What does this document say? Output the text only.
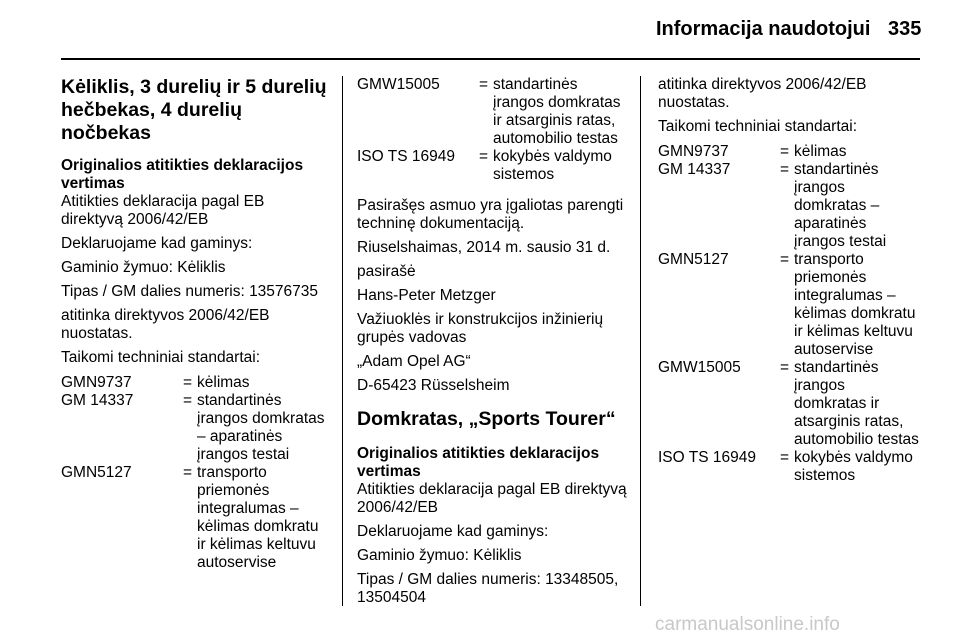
Informacija naudotojui 335
Kėliklis, 3 durelių ir 5 durelių hečbekas, 4 durelių nočbekas
Originalios atitikties deklaracijos vertimas
Atitikties deklaracija pagal EB direktyvą 2006/42/EB
Deklaruojame kad gaminys:
Gaminio žymuo: Kėliklis
Tipas / GM dalies numeris: 13576735
atitinka direktyvos 2006/42/EB nuostatas.
Taikomi techniniai standartai:
GMN9737	= kėlimas
GM 14337	= standartinės įrangos domkratas – aparatinės įrangos testai
GMN5127	= transporto priemonės integralumas – kėlimas domkratu ir kėlimas keltuvu autoservise
GMW15005	= standartinės įrangos domkratas ir atsarginis ratas, automobilio testas
ISO TS 16949	= kokybės valdymo sistemos
Pasirašęs asmuo yra įgaliotas parengti techninę dokumentaciją.
Riuselshaimas, 2014 m. sausio 31 d.
pasirašė
Hans-Peter Metzger
Važiuoklės ir konstrukcijos inžinierių grupės vadovas
„Adam Opel AG“
D-65423 Rüsselsheim
Domkratas, „Sports Tourer“
Originalios atitikties deklaracijos vertimas
Atitikties deklaracija pagal EB direktyvą 2006/42/EB
Deklaruojame kad gaminys:
Gaminio žymuo: Kėliklis
Tipas / GM dalies numeris: 13348505, 13504504
atitinka direktyvos 2006/42/EB nuostatas.
Taikomi techniniai standartai:
GMN9737	= kėlimas
GM 14337	= standartinės įrangos domkratas – aparatinės įrangos testai
GMN5127	= transporto priemonės integralumas – kėlimas domkratu ir kėlimas keltuvu autoservise
GMW15005	= standartinės įrangos domkratas ir atsarginis ratas, automobilio testas
ISO TS 16949	= kokybės valdymo sistemos
carmanualsonline.info
